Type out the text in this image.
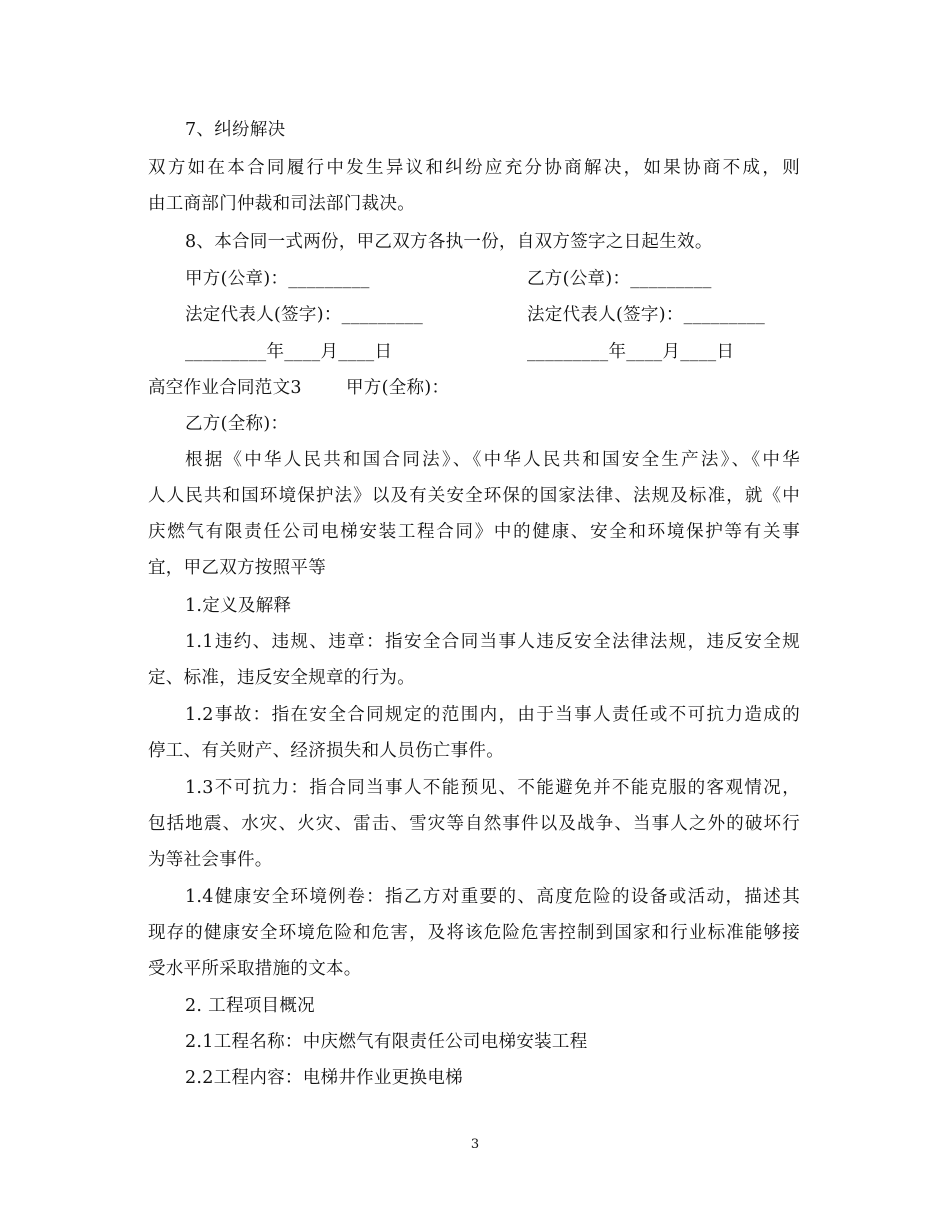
7、纠纷解决
双方如在本合同履行中发生异议和纠纷应充分协商解决，如果协商不成，则
由工商部门仲裁和司法部门裁决。
8、本合同一式两份，甲乙双方各执一份，自双方签字之日起生效。
甲方(公章)：_________	乙方(公章)：_________
法定代表人(签字)：_________	法定代表人(签字)：_________
_________年____月____日	_________年____月____日
高空作业合同范文3	甲方(全称)：
乙方(全称)：
根据《中华人民共和国合同法》、《中华人民共和国安全生产法》、《中华
人人民共和国环境保护法》以及有关安全环保的国家法律、法规及标准，就《中
庆燃气有限责任公司电梯安装工程合同》中的健康、安全和环境保护等有关事
宜，甲乙双方按照平等
1.定义及解释
1.1违约、违规、违章：指安全合同当事人违反安全法律法规，违反安全规
定、标准，违反安全规章的行为。
1.2事故：指在安全合同规定的范围内，由于当事人责任或不可抗力造成的
停工、有关财产、经济损失和人员伤亡事件。
1.3不可抗力：指合同当事人不能预见、不能避免并不能克服的客观情况，
包括地震、水灾、火灾、雷击、雪灾等自然事件以及战争、当事人之外的破坏行
为等社会事件。
1.4健康安全环境例卷：指乙方对重要的、高度危险的设备或活动，描述其
现存的健康安全环境危险和危害，及将该危险危害控制到国家和行业标准能够接
受水平所采取措施的文本。
2. 工程项目概况
2.1工程名称：中庆燃气有限责任公司电梯安装工程
2.2工程内容：电梯井作业更换电梯
3
